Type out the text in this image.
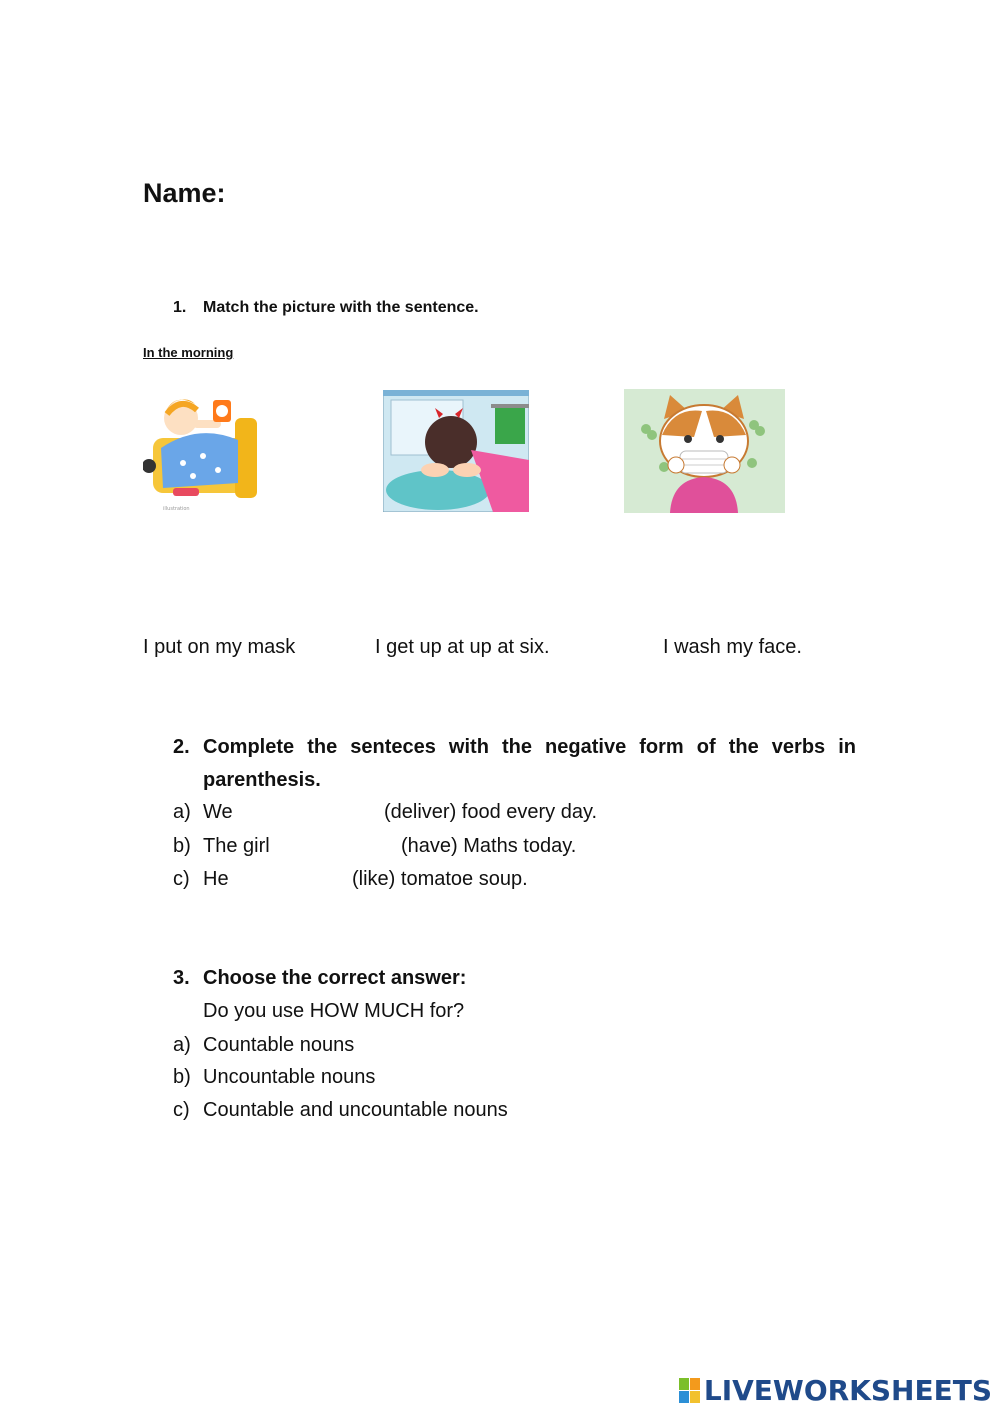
Name:
1. Match the picture with the sentence.
In the morning
illustration
I put on my mask	I get up at up at six.	I wash my face.
2. Complete the senteces with the negative form of the verbs in
parenthesis.
a) We	(deliver) food every day.
b) The girl	(have) Maths today.
c) He	(like) tomatoe soup.
3. Choose the correct answer:
Do you use HOW MUCH for?
a) Countable nouns
b) Uncountable nouns
c) Countable and uncountable nouns
LIVEWORKSHEETS
